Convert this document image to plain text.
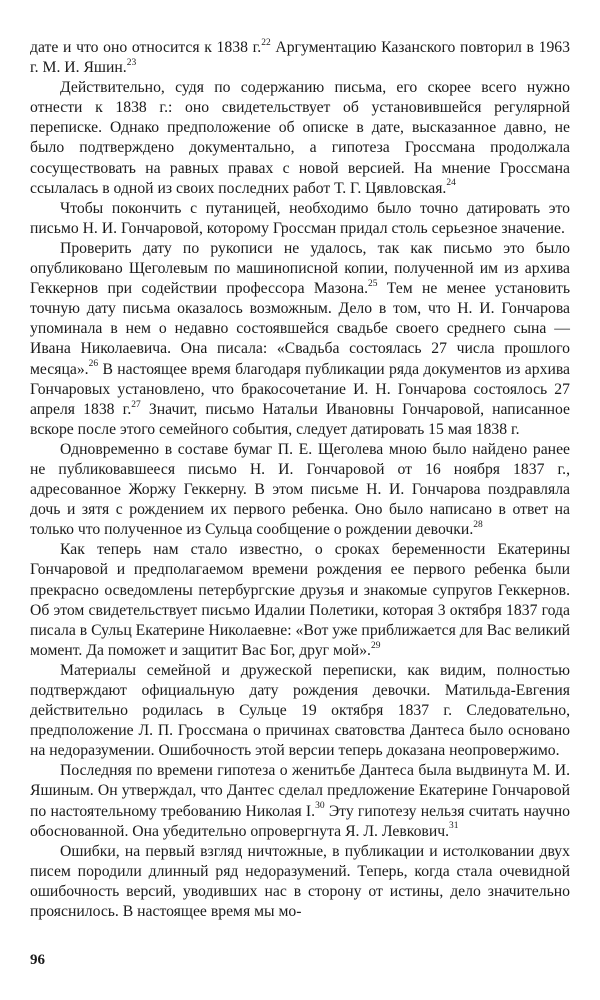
дате и что оно относится к 1838 г.$^{22}$ Аргументацию Казанского повторил в 1963 г. М. И. Яшин.$^{23}$

Действительно, судя по содержанию письма, его скорее всего нужно отнести к 1838 г.: оно свидетельствует об установившейся регулярной переписке. Однако предположение об описке в дате, высказанное давно, не было подтверждено документально, а гипотеза Гроссмана продолжала сосуществовать на равных правах с новой версией. На мнение Гроссмана ссылалась в одной из своих последних работ Т. Г. Цявловская.$^{24}$

Чтобы покончить с путаницей, необходимо было точно датировать это письмо Н. И. Гончаровой, которому Гроссман придал столь серьезное значение.

Проверить дату по рукописи не удалось, так как письмо это было опубликовано Щеголевым по машинописной копии, полученной им из архива Геккернов при содействии профессора Мазона.$^{25}$ Тем не менее установить точную дату письма оказалось возможным. Дело в том, что Н. И. Гончарова упоминала в нем о недавно состоявшейся свадьбе своего среднего сына — Ивана Николаевича. Она писала: «Свадьба состоялась 27 числа прошлого месяца».$^{26}$ В настоящее время благодаря публикации ряда документов из архива Гончаровых установлено, что бракосочетание И. Н. Гончарова состоялось 27 апреля 1838 г.$^{27}$ Значит, письмо Натальи Ивановны Гончаровой, написанное вскоре после этого семейного события, следует датировать 15 мая 1838 г.

Одновременно в составе бумаг П. Е. Щеголева мною было найдено ранее не публиковавшееся письмо Н. И. Гончаровой от 16 ноября 1837 г., адресованное Жоржу Геккерну. В этом письме Н. И. Гончарова поздравляла дочь и зятя с рождением их первого ребенка. Оно было написано в ответ на только что полученное из Сульца сообщение о рождении девочки.$^{28}$

Как теперь нам стало известно, о сроках беременности Екатерины Гончаровой и предполагаемом времени рождения ее первого ребенка были прекрасно осведомлены петербургские друзья и знакомые супругов Геккернов. Об этом свидетельствует письмо Идалии Полетики, которая 3 октября 1837 года писала в Сульц Екатерине Николаевне: «Вот уже приближается для Вас великий момент. Да поможет и защитит Вас Бог, друг мой».$^{29}$

Материалы семейной и дружеской переписки, как видим, полностью подтверждают официальную дату рождения девочки. Матильда-Евгения действительно родилась в Сульце 19 октября 1837 г. Следовательно, предположение Л. П. Гроссмана о причинах сватовства Дантеса было основано на недоразумении. Ошибочность этой версии теперь доказана неопровержимо.

Последняя по времени гипотеза о женитьбе Дантеса была выдвинута М. И. Яшиным. Он утверждал, что Дантес сделал предложение Екатерине Гончаровой по настоятельному требованию Николая I.$^{30}$ Эту гипотезу нельзя считать научно обоснованной. Она убедительно опровергнута Я. Л. Левкович.$^{31}$

Ошибки, на первый взгляд ничтожные, в публикации и истолковании двух писем породили длинный ряд недоразумений. Теперь, когда стала очевидной ошибочность версий, уводивших нас в сторону от истины, дело значительно прояснилось. В настоящее время мы мо-

96
